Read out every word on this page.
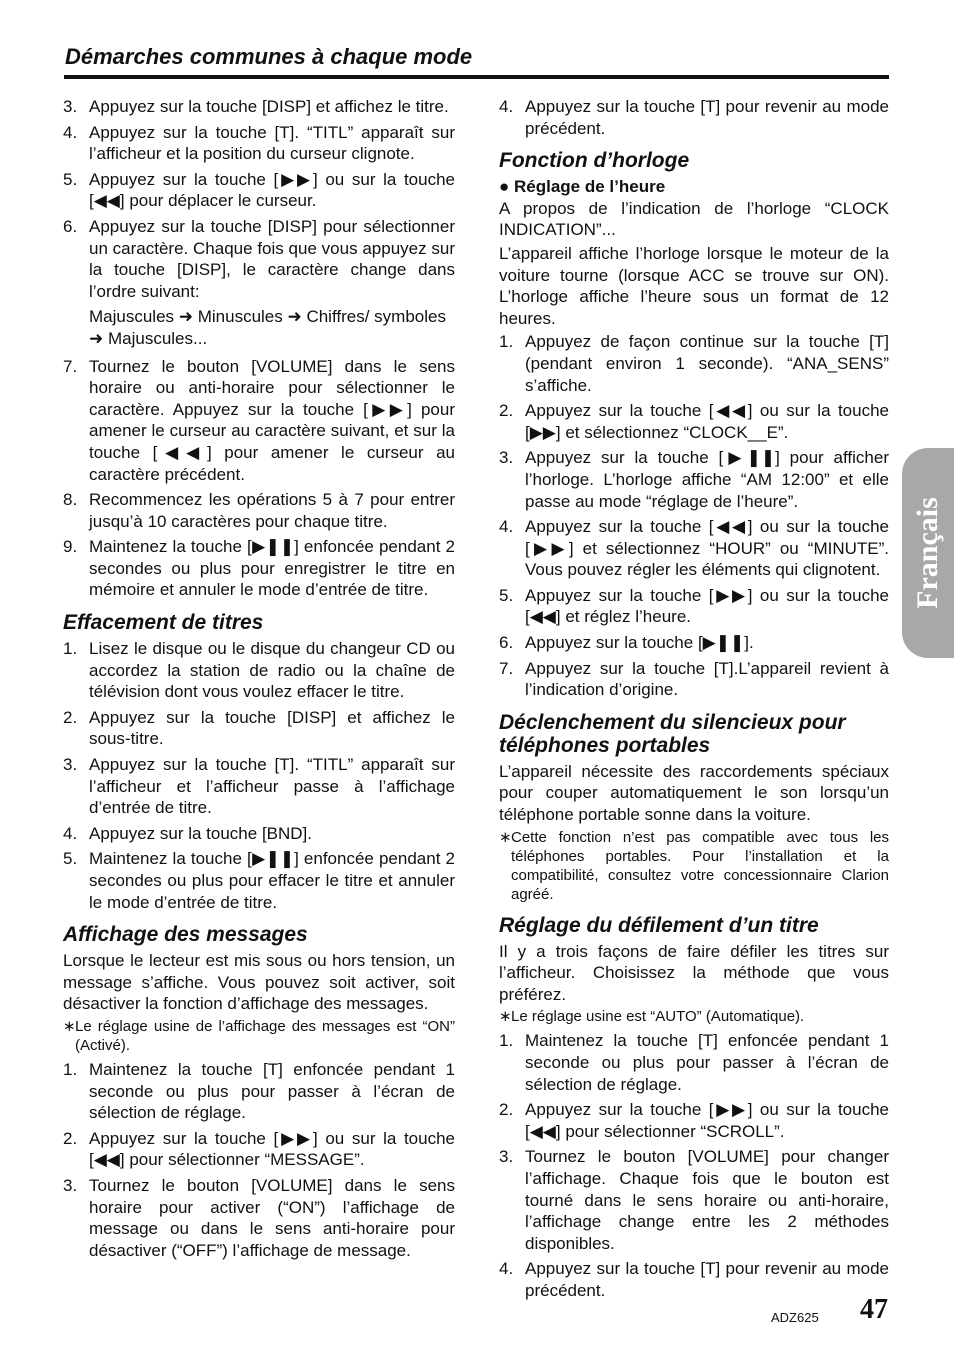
Démarches communes à chaque mode
3. Appuyez sur la touche [DISP] et affichez le titre.
4. Appuyez sur la touche [T]. “TITL” apparaît sur l’afficheur et la position du curseur clignote.
5. Appuyez sur la touche [▶▶] ou sur la touche [◀◀] pour déplacer le curseur.
6. Appuyez sur la touche [DISP] pour sélectionner un caractère. Chaque fois que vous appuyez sur la touche [DISP], le caractère change dans l’ordre suivant:
Majuscules ➜ Minuscules ➜ Chiffres/ symboles ➜ Majuscules...
7. Tournez le bouton [VOLUME] dans le sens horaire ou anti-horaire pour sélectionner le caractère. Appuyez sur la touche [▶▶] pour amener le curseur au caractère suivant, et sur la touche [◀◀] pour amener le curseur au caractère précédent.
8. Recommencez les opérations 5 à 7 pour entrer jusqu’à 10 caractères pour chaque titre.
9. Maintenez la touche [▶❚❚] enfoncée pendant 2 secondes ou plus pour enregistrer le titre en mémoire et annuler le mode d’entrée de titre.
Effacement de titres
1. Lisez le disque ou le disque du changeur CD ou accordez la station de radio ou la chaîne de télévision dont vous voulez effacer le titre.
2. Appuyez sur la touche [DISP] et affichez le sous-titre.
3. Appuyez sur la touche [T]. “TITL” apparaît sur l’afficheur et l’afficheur passe à l’affichage d’entrée de titre.
4. Appuyez sur la touche [BND].
5. Maintenez la touche [▶❚❚] enfoncée pendant 2 secondes ou plus pour effacer le titre et annuler le mode d’entrée de titre.
Affichage des messages

Lorsque le lecteur est mis sous ou hors tension, un message s’affiche. Vous pouvez soit activer, soit désactiver la fonction d’affichage des messages.

∗ Le réglage usine de l’affichage des messages est “ON” (Activé).
1. Maintenez la touche [T] enfoncée pendant 1 seconde ou plus pour passer à l’écran de sélection de réglage.
2. Appuyez sur la touche [▶▶] ou sur la touche [◀◀] pour sélectionner “MESSAGE”.
3. Tournez le bouton [VOLUME] dans le sens horaire pour activer (“ON”) l’affichage de message ou dans le sens anti-horaire pour désactiver (“OFF”) l’affichage de message.
4. Appuyez sur la touche [T] pour revenir au mode précédent.
Fonction d’horloge
● Réglage de l’heure

A propos de l’indication de l’horloge “CLOCK INDICATION”...

L’appareil affiche l’horloge lorsque le moteur de la voiture tourne (lorsque ACC se trouve sur ON). L’horloge affiche l’heure sous un format de 12 heures.

1. Appuyez de façon continue sur la touche [T] (pendant environ 1 seconde). “ANA_SENS” s’affiche.
2. Appuyez sur la touche [◀◀] ou sur la touche [▶▶] et sélectionnez “CLOCK__E”.
3. Appuyez sur la touche [▶❚❚] pour afficher l’horloge. L’horloge affiche “AM 12:00” et elle passe au mode “réglage de l’heure”.
4. Appuyez sur la touche [◀◀] ou sur la touche [▶▶] et sélectionnez “HOUR” ou “MINUTE”. Vous pouvez régler les éléments qui clignotent.
5. Appuyez sur la touche [▶▶] ou sur la touche [◀◀] et réglez l’heure.
6. Appuyez sur la touche [▶❚❚].
7. Appuyez sur la touche [T].L’appareil revient à l’indication d’origine.
Déclenchement du silencieux pour téléphones portables

L’appareil nécessite des raccordements spéciaux pour couper automatiquement le son lorsqu’un téléphone portable sonne dans la voiture.

∗ Cette fonction n’est pas compatible avec tous les téléphones portables. Pour l’installation et la compatibilité, consultez votre concessionnaire Clarion agréé.
Réglage du défilement d’un titre

Il y a trois façons de faire défiler les titres sur l’afficheur. Choisissez la méthode que vous préférez.

∗ Le réglage usine est “AUTO” (Automatique).
1. Maintenez la touche [T] enfoncée pendant 1 seconde ou plus pour passer à l’écran de sélection de réglage.
2. Appuyez sur la touche [▶▶] ou sur la touche [◀◀] pour sélectionner “SCROLL”.
3. Tournez le bouton [VOLUME] pour changer l’affichage. Chaque fois que le bouton est tourné dans le sens horaire ou anti-horaire, l’affichage change entre les 2 méthodes disponibles.
4. Appuyez sur la touche [T] pour revenir au mode précédent.
Français
ADZ625 47
